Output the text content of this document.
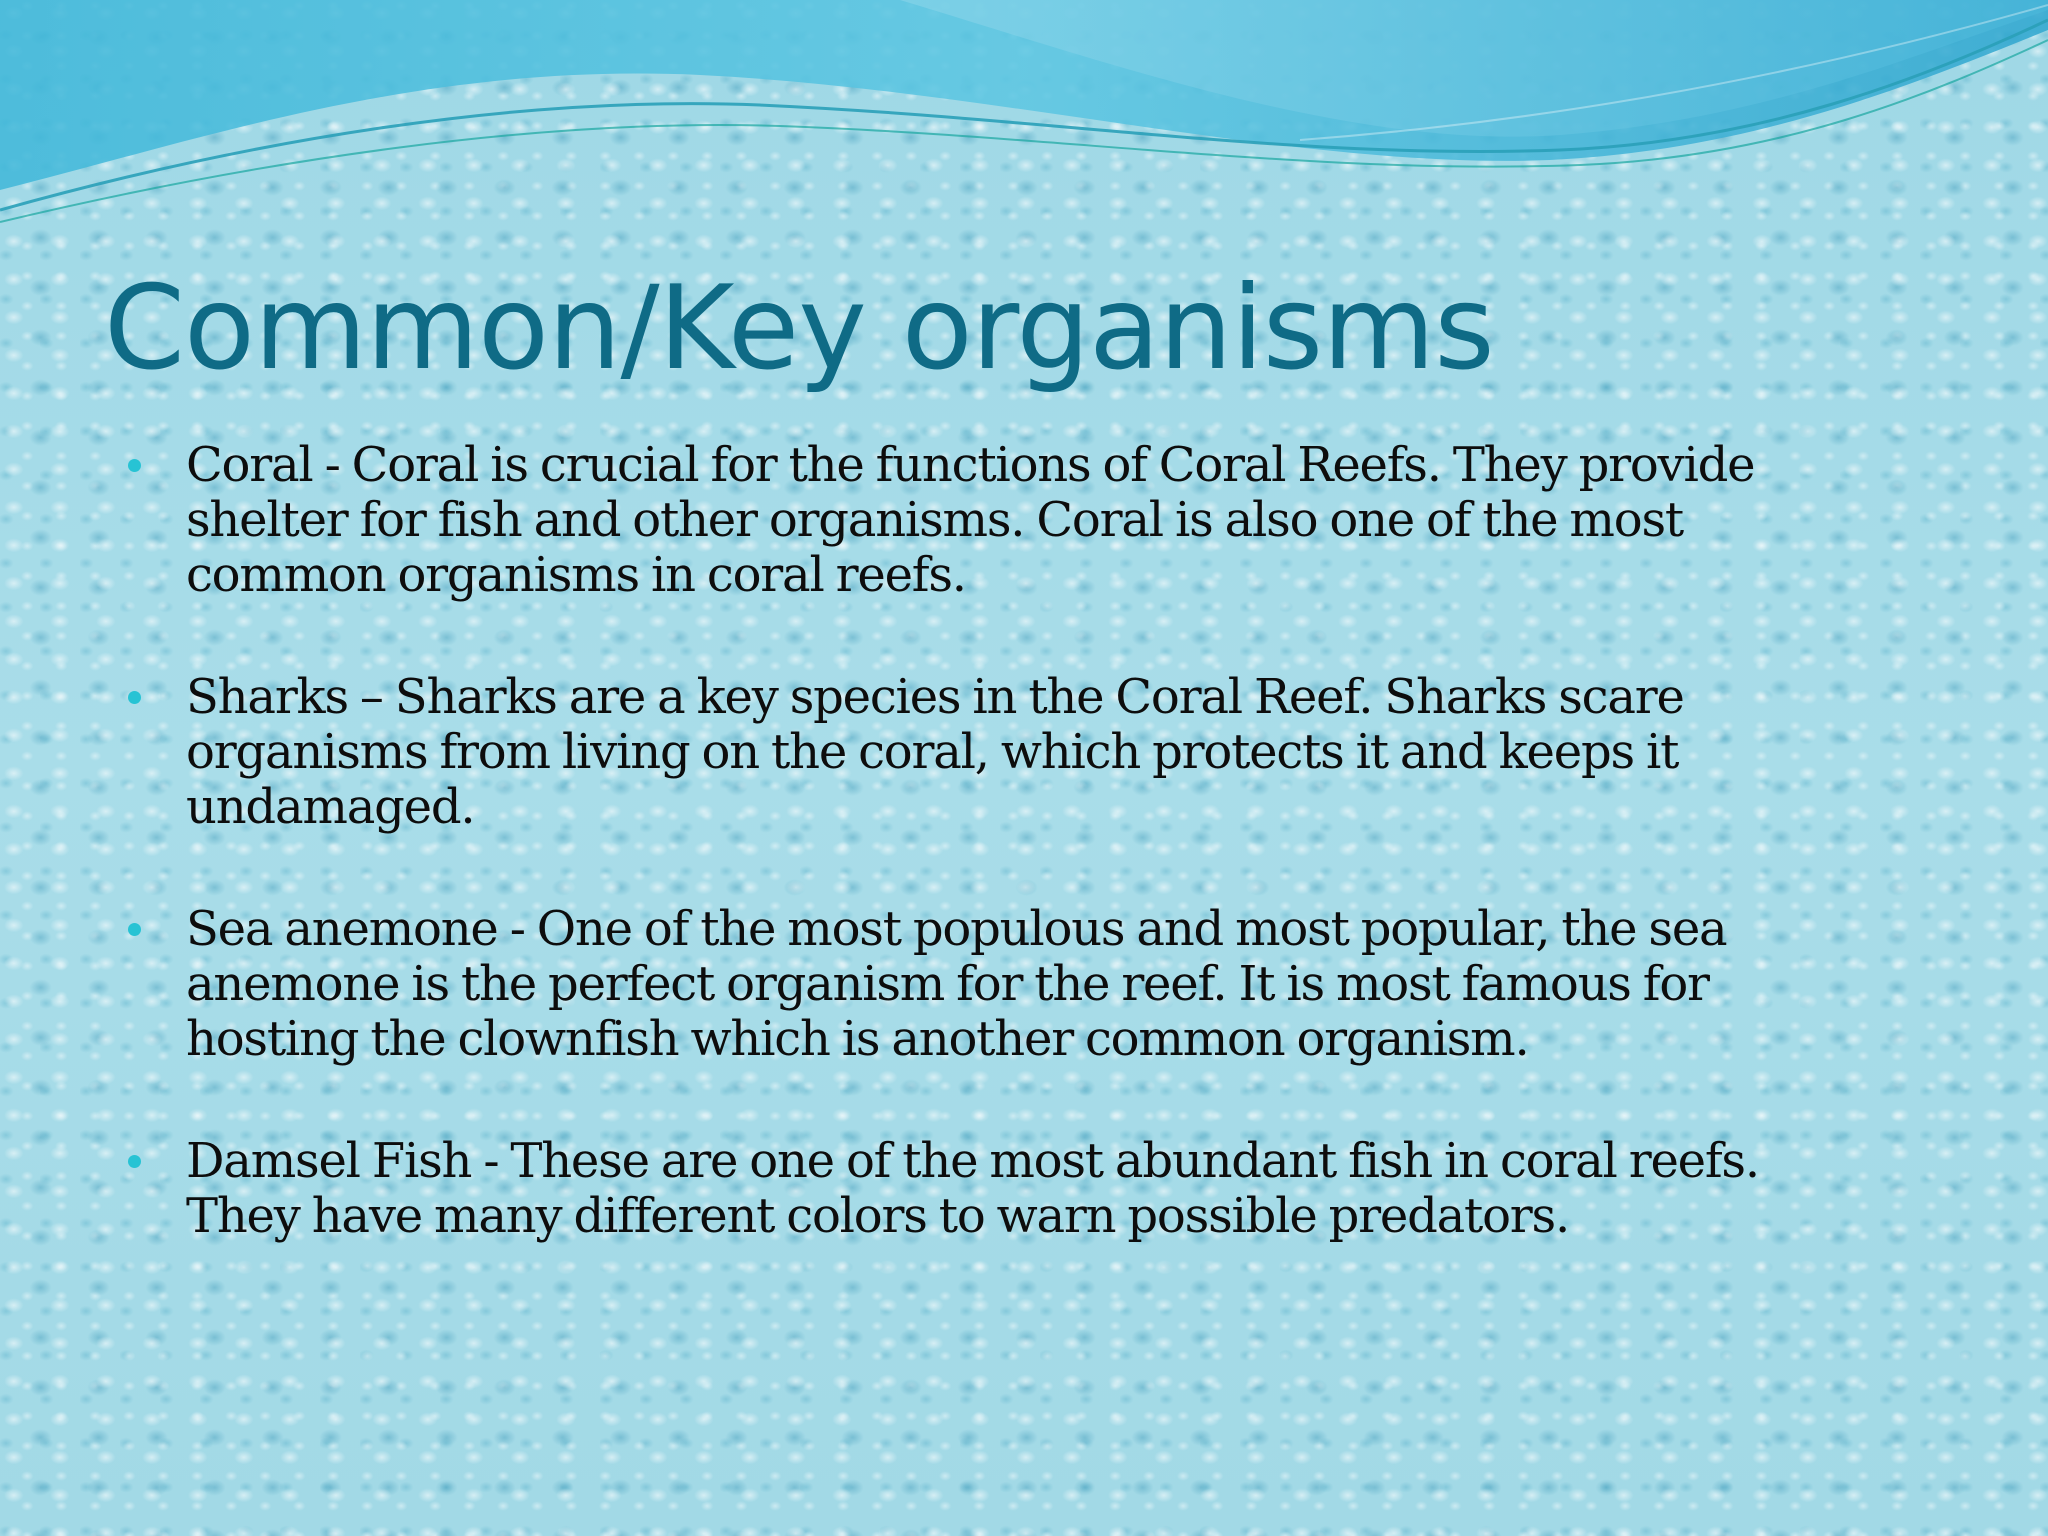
Common/Key organisms
Coral - Coral is crucial for the functions of Coral Reefs. They provide shelter for fish and other organisms. Coral is also one of the most common organisms in coral reefs.
Sharks – Sharks are a key species in the Coral Reef. Sharks scare organisms from living on the coral, which protects it and keeps it undamaged.
Sea anemone - One of the most populous and most popular, the sea anemone is the perfect organism for the reef. It is most famous for hosting the clownfish which is another common organism.
Damsel Fish - These are one of the most abundant fish in coral reefs. They have many different colors to warn possible predators.
